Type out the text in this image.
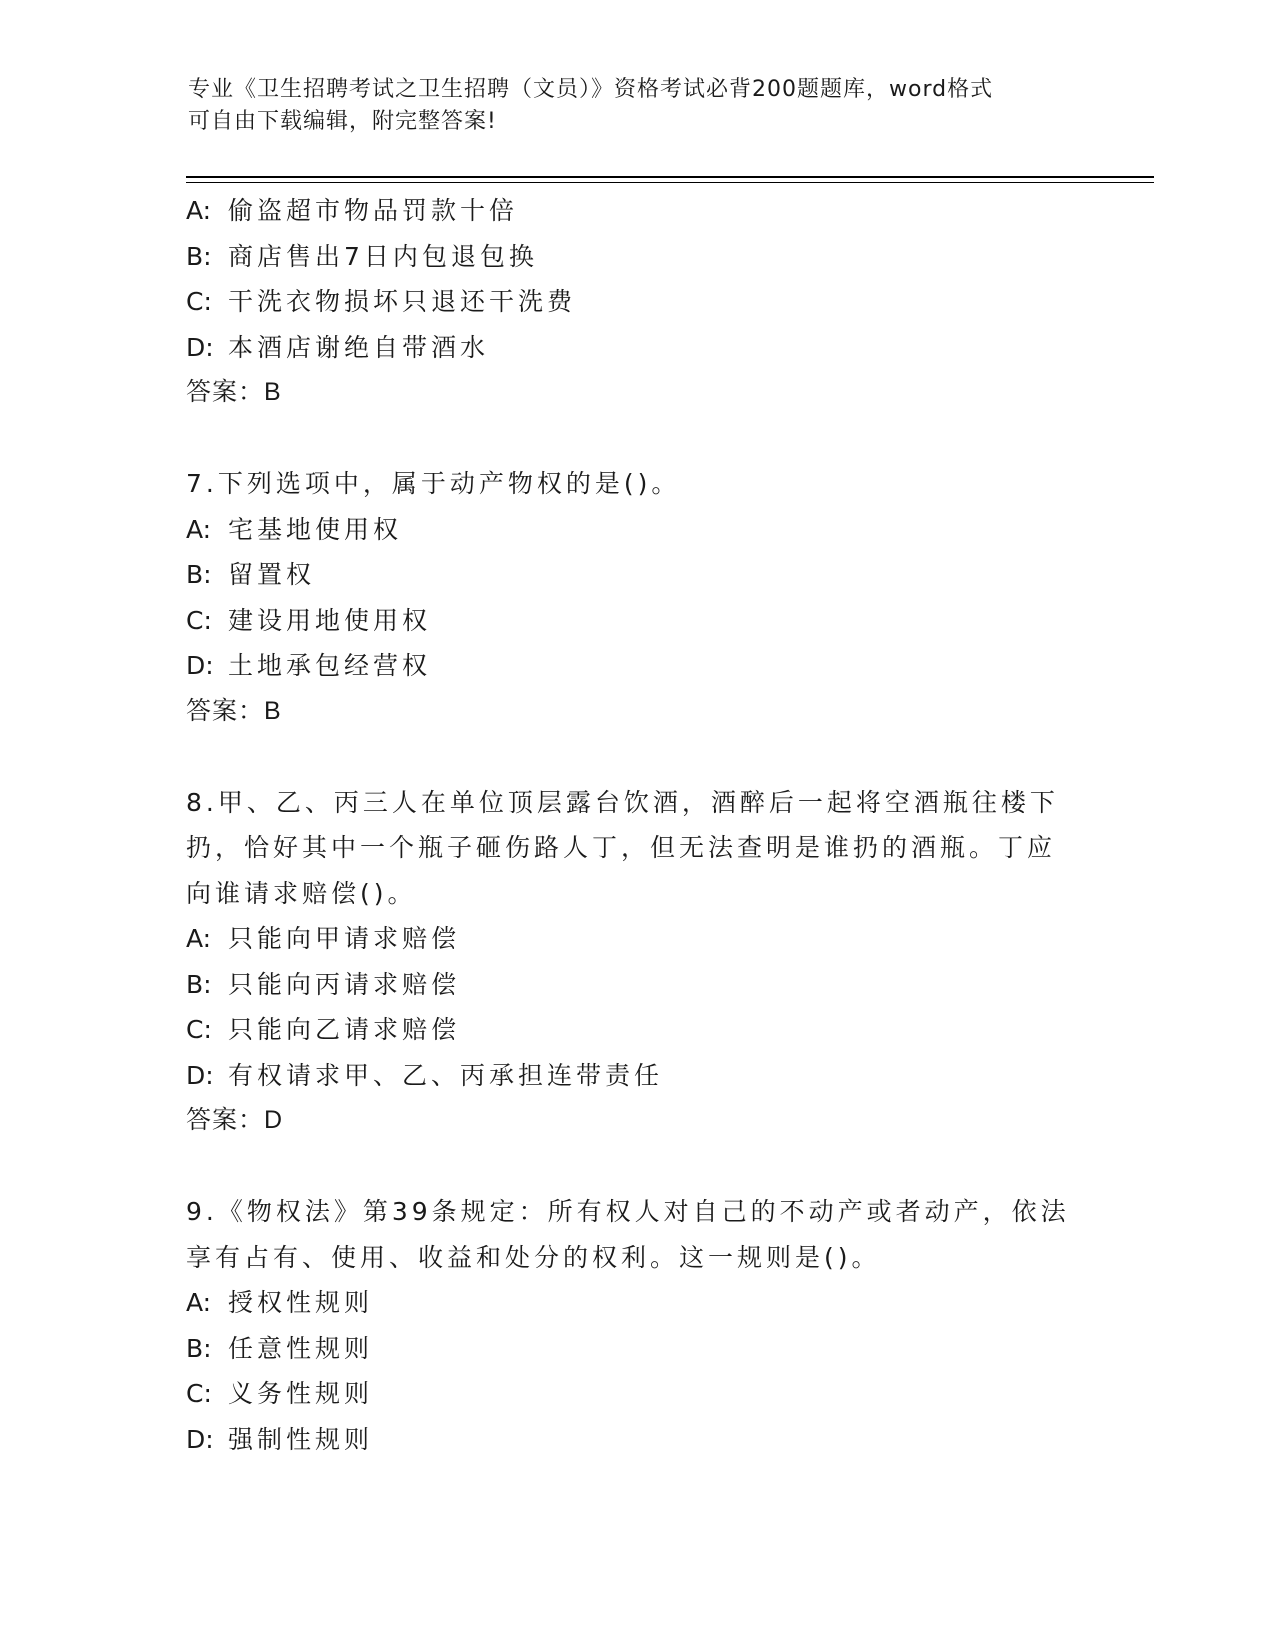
专业《卫生招聘考试之卫生招聘（文员）》资格考试必背200题题库，word格式
可自由下载编辑，附完整答案!
A: 偷盗超市物品罚款十倍
B: 商店售出7日内包退包换
C: 干洗衣物损坏只退还干洗费
D: 本酒店谢绝自带酒水
答案：B
7.下列选项中，属于动产物权的是()。
A: 宅基地使用权
B: 留置权
C: 建设用地使用权
D: 土地承包经营权
答案：B
8.甲、乙、丙三人在单位顶层露台饮酒，酒醉后一起将空酒瓶往楼下
扔，恰好其中一个瓶子砸伤路人丁，但无法查明是谁扔的酒瓶。丁应
向谁请求赔偿()。
A: 只能向甲请求赔偿
B: 只能向丙请求赔偿
C: 只能向乙请求赔偿
D: 有权请求甲、乙、丙承担连带责任
答案：D
9.《物权法》第39条规定：所有权人对自己的不动产或者动产，依法
享有占有、使用、收益和处分的权利。这一规则是()。
A: 授权性规则
B: 任意性规则
C: 义务性规则
D: 强制性规则
